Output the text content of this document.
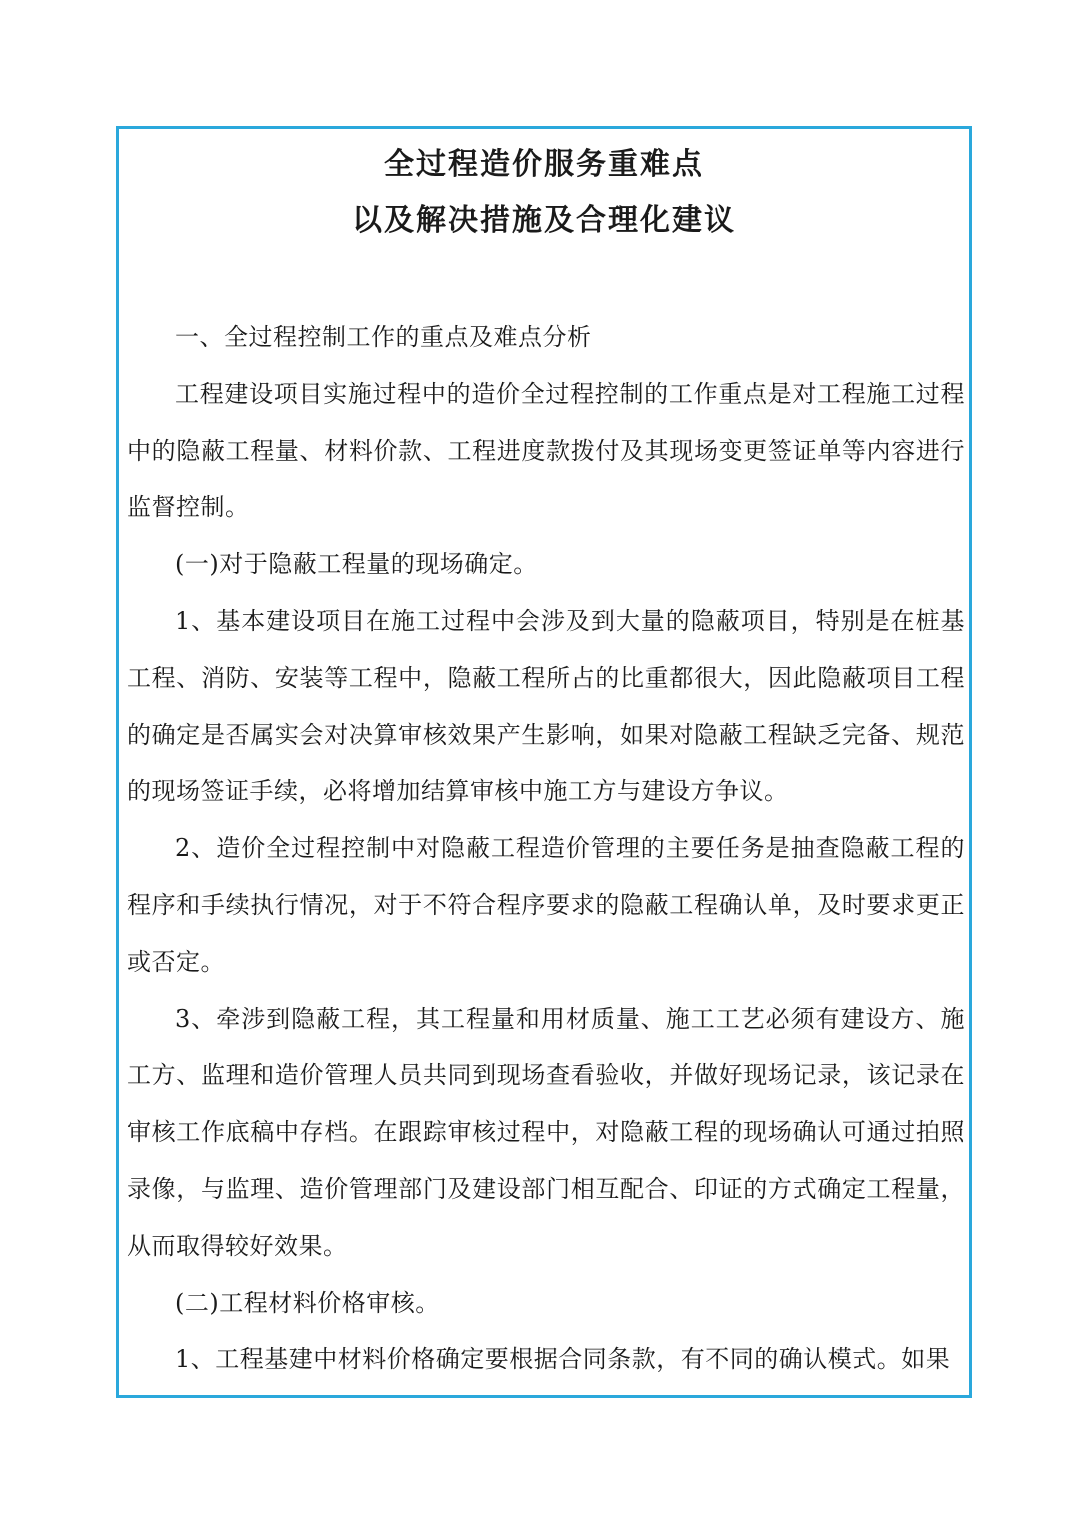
全过程造价服务重难点
以及解决措施及合理化建议

一、全过程控制工作的重点及难点分析

工程建设项目实施过程中的造价全过程控制的工作重点是对工程施工过程中的隐蔽工程量、材料价款、工程进度款拨付及其现场变更签证单等内容进行监督控制。

(一)对于隐蔽工程量的现场确定。

1、基本建设项目在施工过程中会涉及到大量的隐蔽项目，特别是在桩基工程、消防、安装等工程中，隐蔽工程所占的比重都很大，因此隐蔽项目工程的确定是否属实会对决算审核效果产生影响，如果对隐蔽工程缺乏完备、规范的现场签证手续，必将增加结算审核中施工方与建设方争议。

2、造价全过程控制中对隐蔽工程造价管理的主要任务是抽查隐蔽工程的程序和手续执行情况，对于不符合程序要求的隐蔽工程确认单，及时要求更正或否定。

3、牵涉到隐蔽工程，其工程量和用材质量、施工工艺必须有建设方、施工方、监理和造价管理人员共同到现场查看验收，并做好现场记录，该记录在审核工作底稿中存档。在跟踪审核过程中，对隐蔽工程的现场确认可通过拍照录像，与监理、造价管理部门及建设部门相互配合、印证的方式确定工程量，从而取得较好效果。

(二)工程材料价格审核。

1、工程基建中材料价格确定要根据合同条款，有不同的确认模式。如果
